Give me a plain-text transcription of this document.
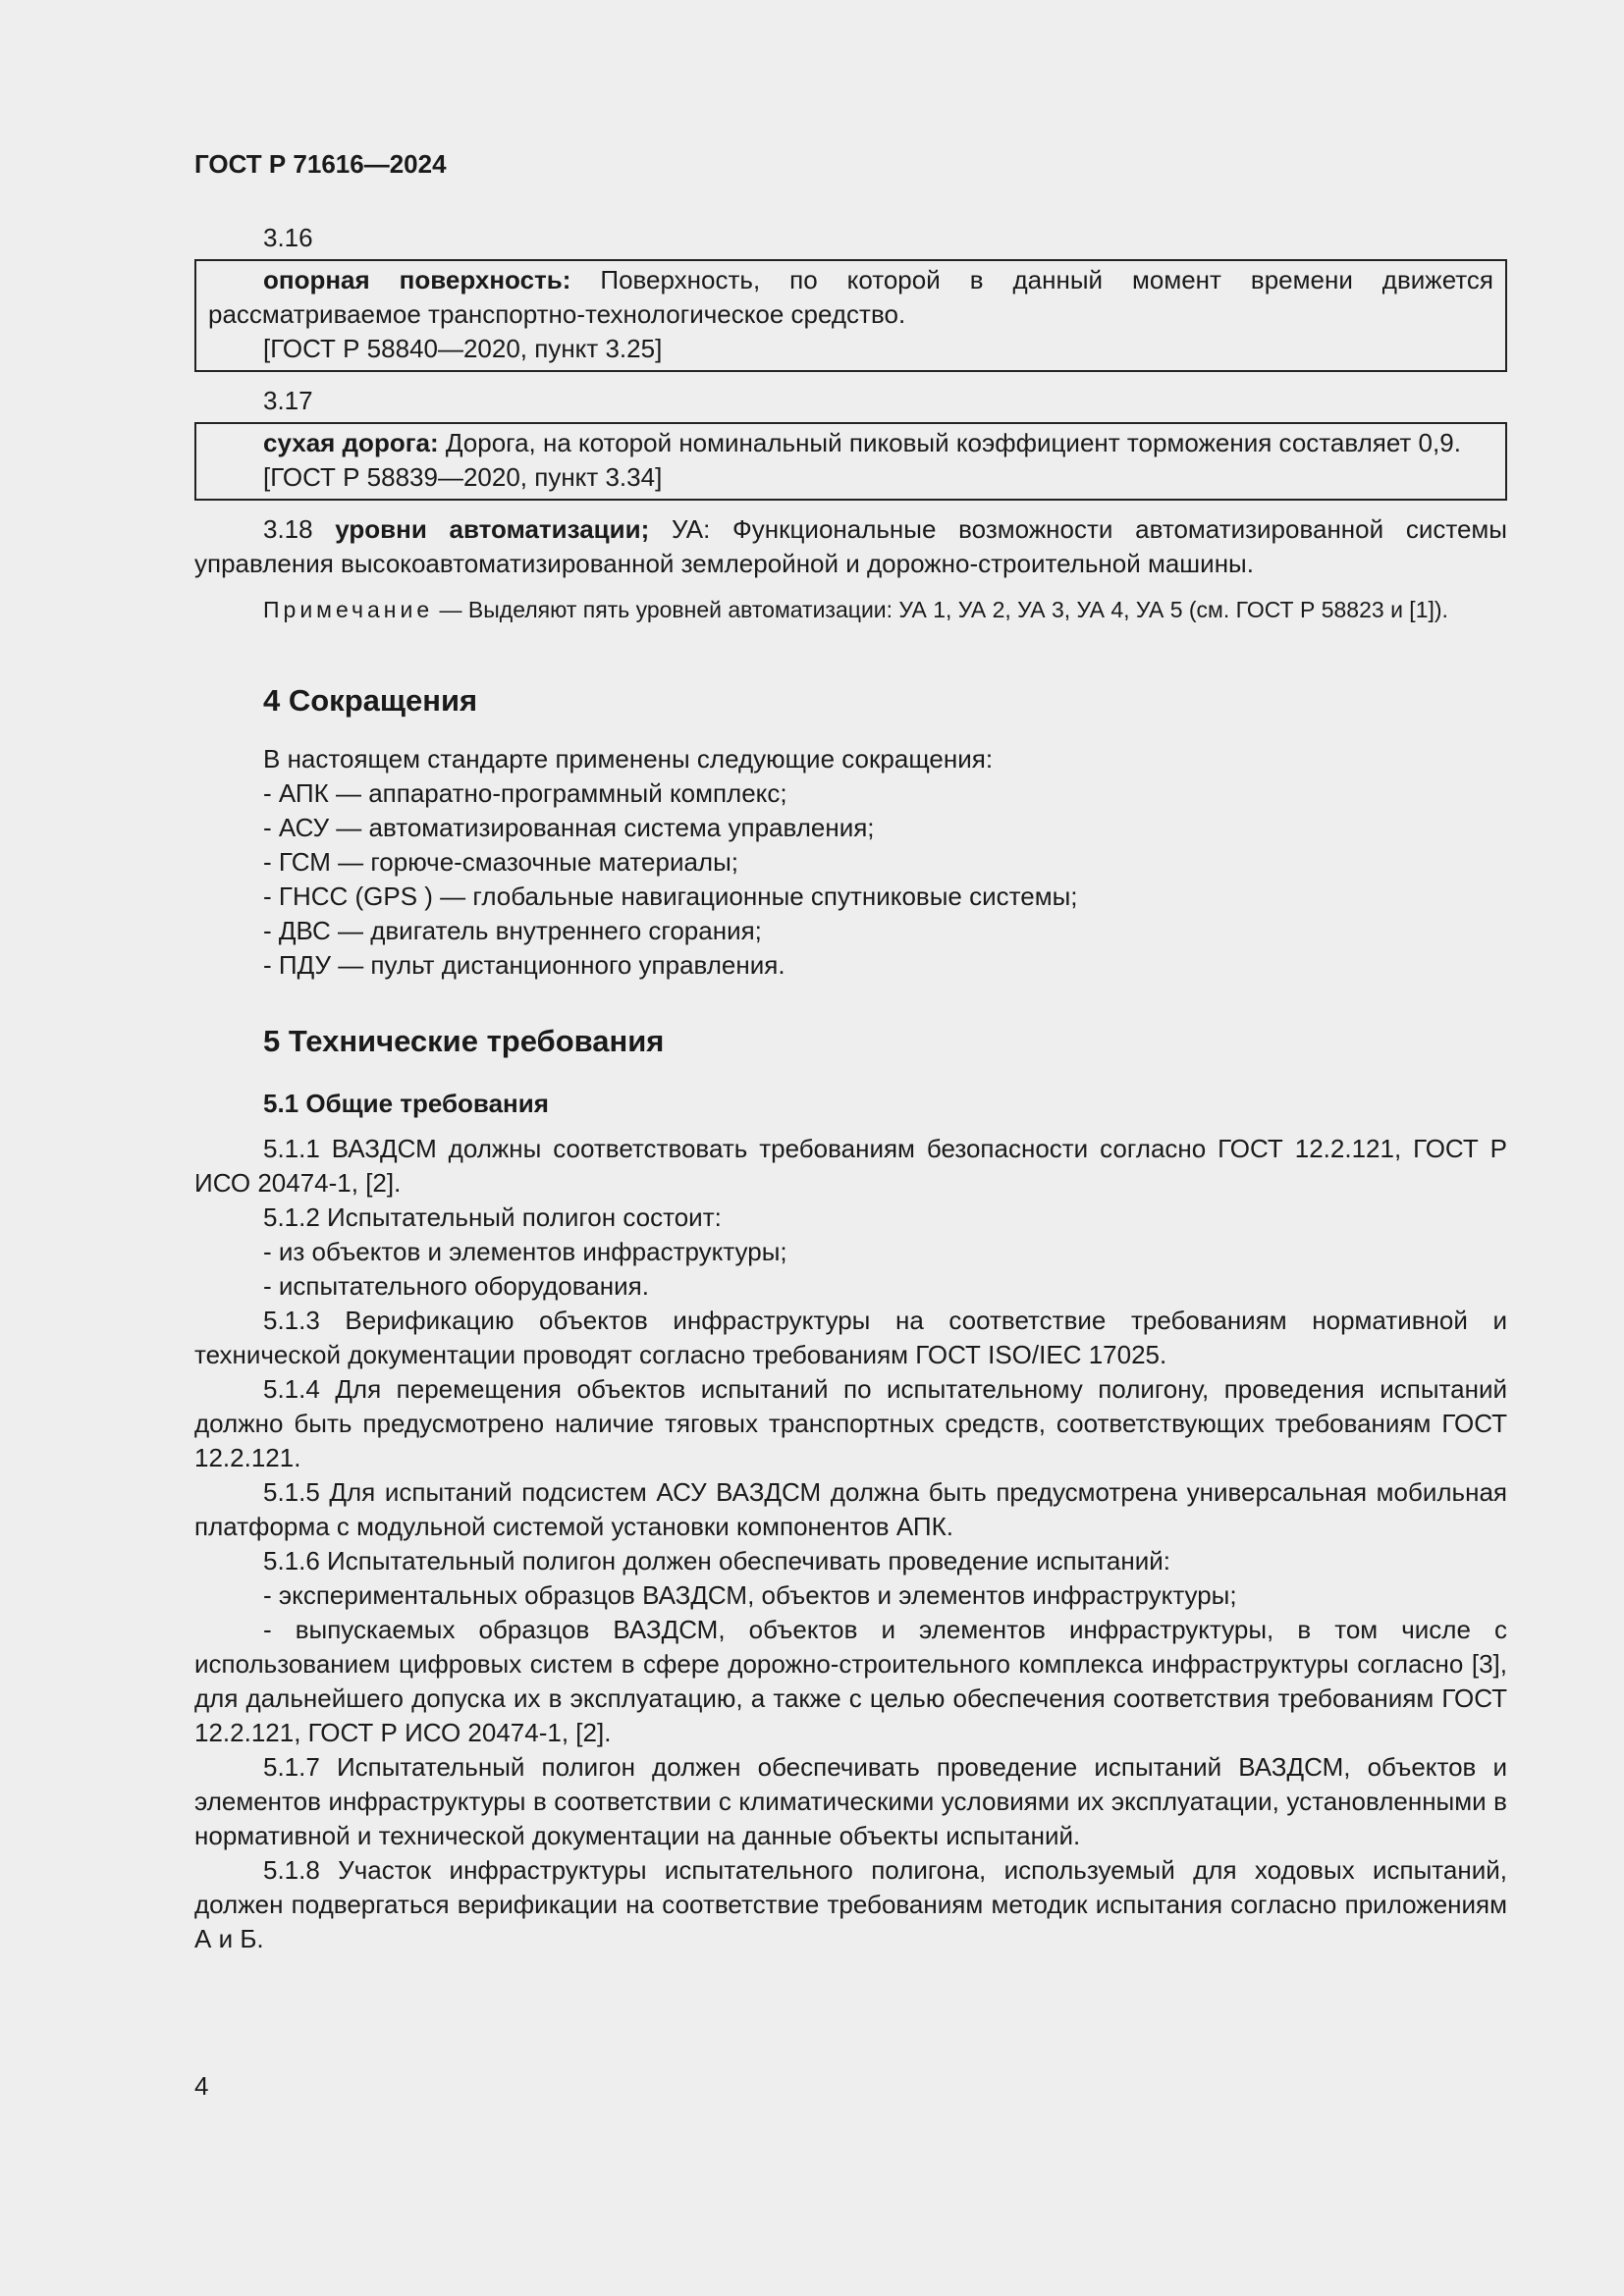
ГОСТ Р 71616—2024
3.16

опорная поверхность: Поверхность, по которой в данный момент времени движется рассматриваемое транспортно-технологическое средство.

[ГОСТ Р 58840—2020, пункт 3.25]

3.17

сухая дорога: Дорога, на которой номинальный пиковый коэффициент торможения составляет 0,9.

[ГОСТ Р 58839—2020, пункт 3.34]

3.18 уровни автоматизации; УА: Функциональные возможности автоматизированной системы управления высокоавтоматизированной землеройной и дорожно-строительной машины.

Примечание — Выделяют пять уровней автоматизации: УА 1, УА 2, УА 3, УА 4, УА 5 (см. ГОСТ Р 58823 и [1]).

4 Сокращения
В настоящем стандарте применены следующие сокращения:
- АПК — аппаратно-программный комплекс;
- АСУ — автоматизированная система управления;
- ГСМ — горюче-смазочные материалы;
- ГНСС (GPS ) — глобальные навигационные спутниковые системы;
- ДВС — двигатель внутреннего сгорания;
- ПДУ — пульт дистанционного управления.
5 Технические требования
5.1 Общие требования

5.1.1 ВАЗДСМ должны соответствовать требованиям безопасности согласно ГОСТ 12.2.121, ГОСТ Р ИСО 20474-1, [2].

5.1.2 Испытательный полигон состоит:

- из объектов и элементов инфраструктуры;
- испытательного оборудования.

5.1.3 Верификацию объектов инфраструктуры на соответствие требованиям нормативной и технической документации проводят согласно требованиям ГОСТ ISO/IEC 17025.

5.1.4 Для перемещения объектов испытаний по испытательному полигону, проведения испытаний должно быть предусмотрено наличие тяговых транспортных средств, соответствующих требованиям ГОСТ 12.2.121.

5.1.5 Для испытаний подсистем АСУ ВАЗДСМ должна быть предусмотрена универсальная мобильная платформа с модульной системой установки компонентов АПК.

5.1.6 Испытательный полигон должен обеспечивать проведение испытаний:

- экспериментальных образцов ВАЗДСМ, объектов и элементов инфраструктуры;

- выпускаемых образцов ВАЗДСМ, объектов и элементов инфраструктуры, в том числе с использованием цифровых систем в сфере дорожно-строительного комплекса инфраструктуры согласно [3], для дальнейшего допуска их в эксплуатацию, а также с целью обеспечения соответствия требованиям ГОСТ 12.2.121, ГОСТ Р ИСО 20474-1, [2].

5.1.7 Испытательный полигон должен обеспечивать проведение испытаний ВАЗДСМ, объектов и элементов инфраструктуры в соответствии с климатическими условиями их эксплуатации, установленными в нормативной и технической документации на данные объекты испытаний.

5.1.8 Участок инфраструктуры испытательного полигона, используемый для ходовых испытаний, должен подвергаться верификации на соответствие требованиям методик испытания согласно приложениям А и Б.

4
